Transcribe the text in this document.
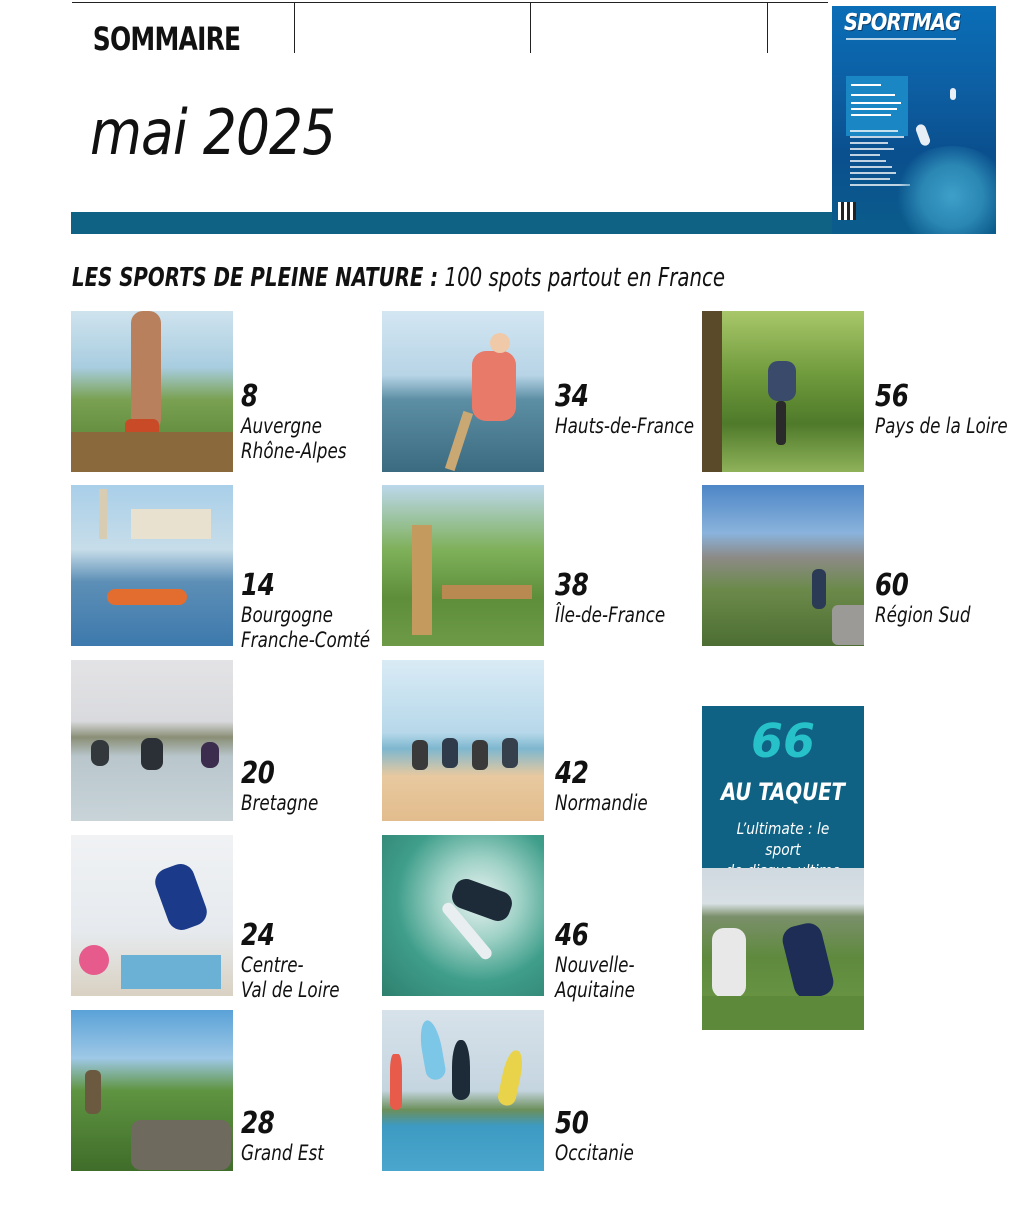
SOMMAIRE
mai 2025
SPORTMAG
LES SPORTS DE PLEINE NATURE : 100 spots partout en France
8
Auvergne
Rhône-Alpes
14
Bourgogne
Franche-Comté
20
Bretagne
24
Centre-
Val de Loire
28
Grand Est
34
Hauts-de-France
38
Île-de-France
42
Normandie
46
Nouvelle-
Aquitaine
50
Occitanie
56
Pays de la Loire
60
Région Sud
66
AU TAQUET
L’ultimate : le sport
